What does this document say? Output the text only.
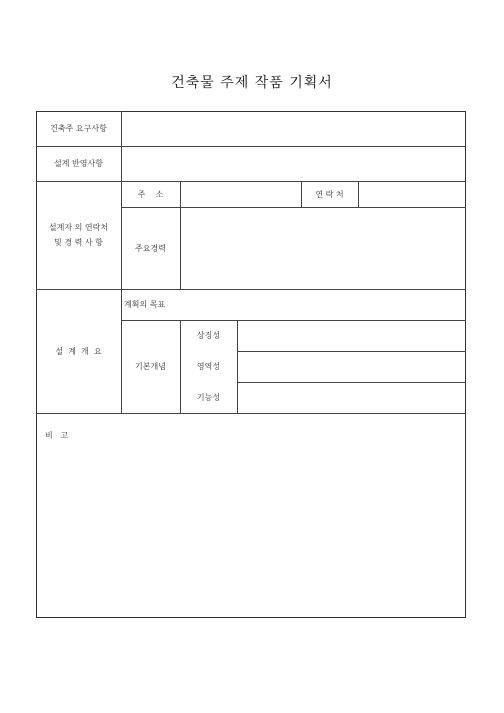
건축물 주제 작품 기획서
건축주 요구사항
설계 반영사항
설계자 의 연락처
및 경 력 사 항
주    소	연 락 처
주요경력
설  계  개  요
계획의 목표
기본개념
상징성
영역성
기능성
비   고
